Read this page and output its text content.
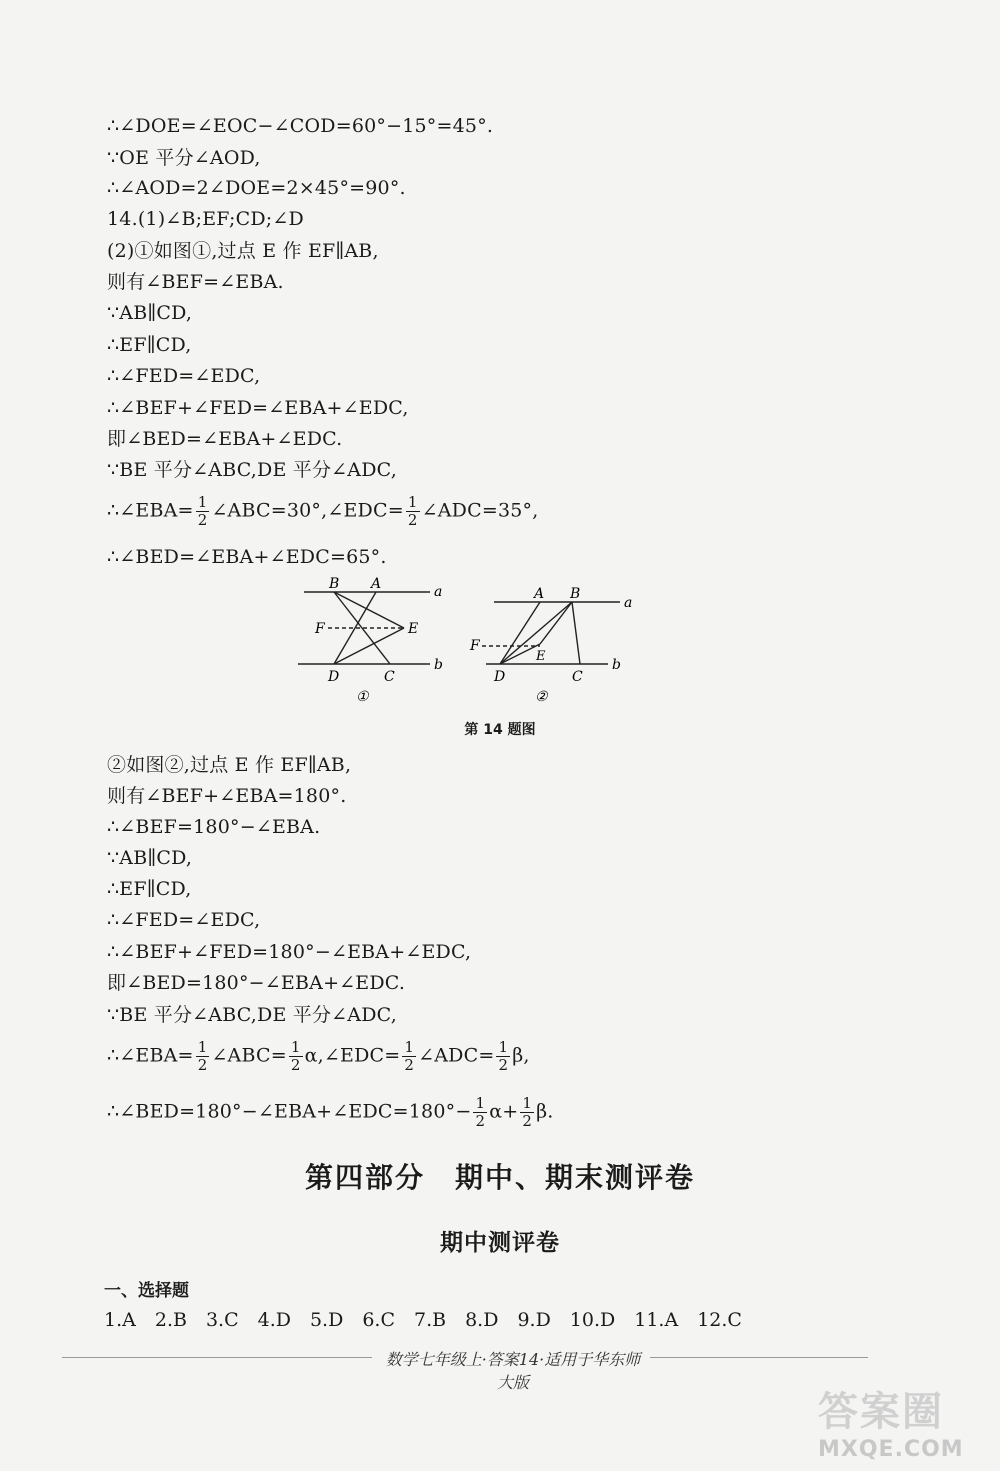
∴∠DOE=∠EOC−∠COD=60°−15°=45°.
∵OE 平分∠AOD,
∴∠AOD=2∠DOE=2×45°=90°.
14.(1)∠B;EF;CD;∠D
(2)①如图①,过点 E 作 EF∥AB,
则有∠BEF=∠EBA.
∵AB∥CD,
∴EF∥CD,
∴∠FED=∠EDC,
∴∠BEF+∠FED=∠EBA+∠EDC,
即∠BED=∠EBA+∠EDC.
∵BE 平分∠ABC,DE 平分∠ADC,
∴∠EBA= $\frac{1}{2}$ ∠ABC=30°,∠EDC= $\frac{1}{2}$ ∠ADC=35°,
∴∠BED=∠EBA+∠EDC=65°.
B A	a
F	E
D	C
b
①
A B
a
F
E
D	C
b
②
第 14 题图
②如图②,过点 E 作 EF∥AB,
则有∠BEF+∠EBA=180°.
∴∠BEF=180°−∠EBA.
∵AB∥CD,
∴EF∥CD,
∴∠FED=∠EDC,
∴∠BEF+∠FED=180°−∠EBA+∠EDC,
即∠BED=180°−∠EBA+∠EDC.
∵BE 平分∠ABC,DE 平分∠ADC,
∴∠EBA= $\frac{1}{2}$ ∠ABC= $\frac{1}{2}$ α,∠EDC= $\frac{1}{2}$ ∠ADC= $\frac{1}{2} \beta$,
∴∠BED=180°−∠EBA+∠EDC=180°− $\frac{1}{2} \alpha+ \frac{1}{2} \beta$.
第四部分　期中、期末测评卷
期中测评卷
一、选择题
1.A　2.B　3.C　4.D　5.D　6.C　7.B　8.D　9.D　10.D　11.A　12.C
数学七年级上·答案14·适用于华东师大版
答案圈
MXQE.COM
